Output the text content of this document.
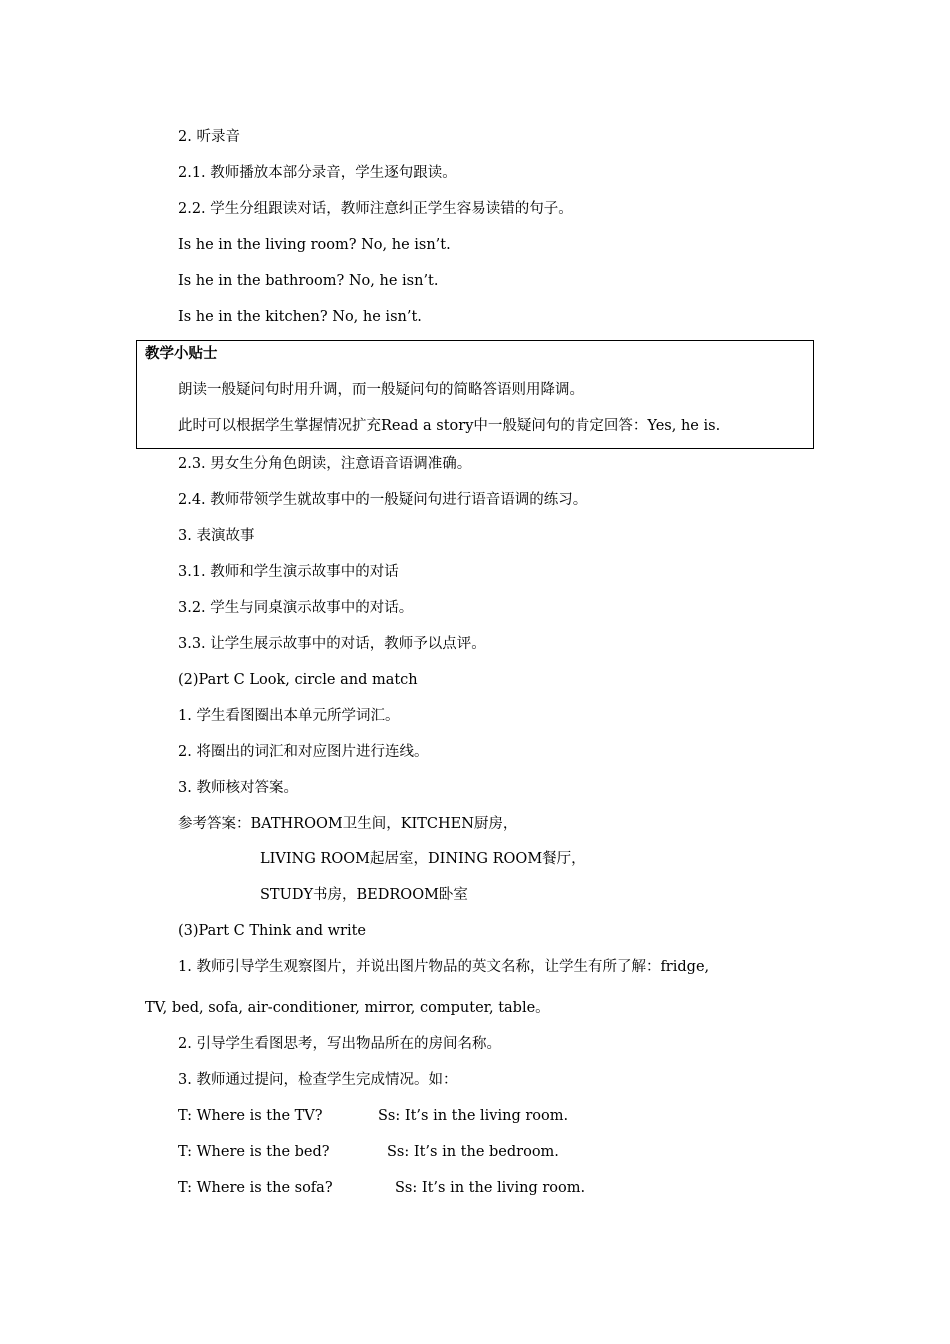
2. 听录音
2.1. 教师播放本部分录音，学生逐句跟读。
2.2. 学生分组跟读对话，教师注意纠正学生容易读错的句子。
Is he in the living room? No, he isn’t.
Is he in the bathroom? No, he isn’t.
Is he in the kitchen? No, he isn’t.
教学小贴士
朗读一般疑问句时用升调，而一般疑问句的简略答语则用降调。
此时可以根据学生掌握情况扩充Read a story中一般疑问句的肯定回答：Yes, he is.
2.3. 男女生分角色朗读，注意语音语调准确。
2.4. 教师带领学生就故事中的一般疑问句进行语音语调的练习。
3. 表演故事
3.1. 教师和学生演示故事中的对话
3.2. 学生与同桌演示故事中的对话。
3.3. 让学生展示故事中的对话，教师予以点评。
(2)Part C Look, circle and match
1. 学生看图圈出本单元所学词汇。
2. 将圈出的词汇和对应图片进行连线。
3. 教师核对答案。
参考答案：BATHROOM卫生间，KITCHEN厨房，
LIVING ROOM起居室，DINING ROOM餐厅，
STUDY书房，BEDROOM卧室
(3)Part C Think and write
1. 教师引导学生观察图片，并说出图片物品的英文名称，让学生有所了解：fridge,
TV, bed, sofa, air-conditioner, mirror, computer, table。
2. 引导学生看图思考，写出物品所在的房间名称。
3. 教师通过提问，检查学生完成情况。如：
T: Where is the TV?	Ss: It’s in the living room.
T: Where is the bed?	Ss: It’s in the bedroom.
T: Where is the sofa?	Ss: It’s in the living room.
